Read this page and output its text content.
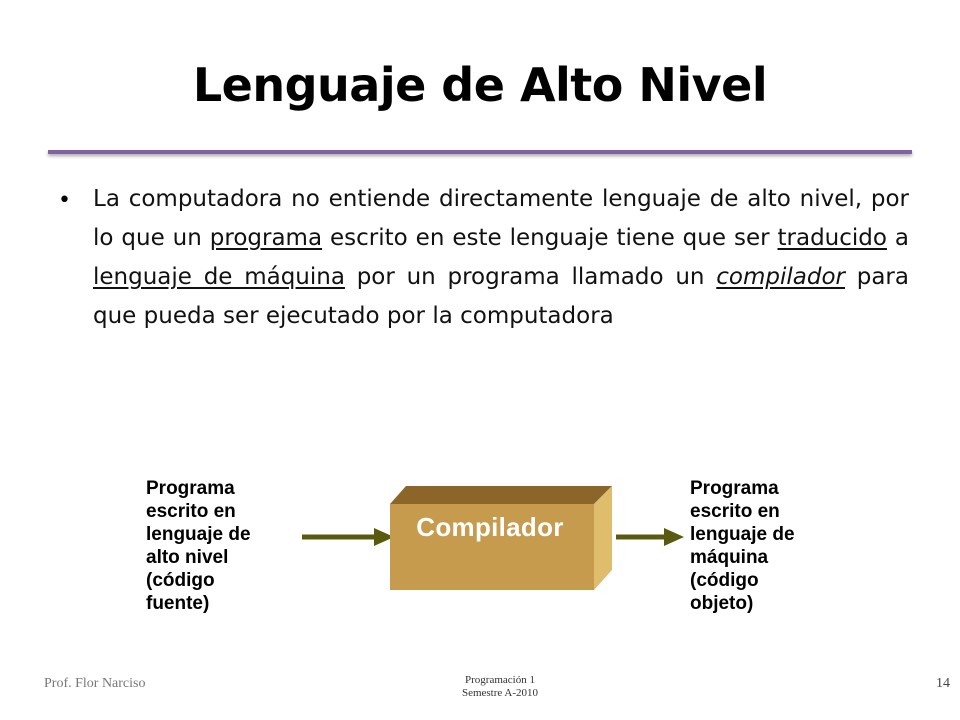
Lenguaje de Alto Nivel
• La computadora no entiende directamente lenguaje de alto nivel, por lo que un programa escrito en este lenguaje tiene que ser traducido a lenguaje de máquina por un programa llamado un compilador para que pueda ser ejecutado por la computadora
Programa
escrito en
lenguaje de
alto nivel
(código
fuente)
Compilador
Programa
escrito en
lenguaje de
máquina
(código
objeto)
Prof. Flor Narciso	Programación 1
Semestre A-2010
14
